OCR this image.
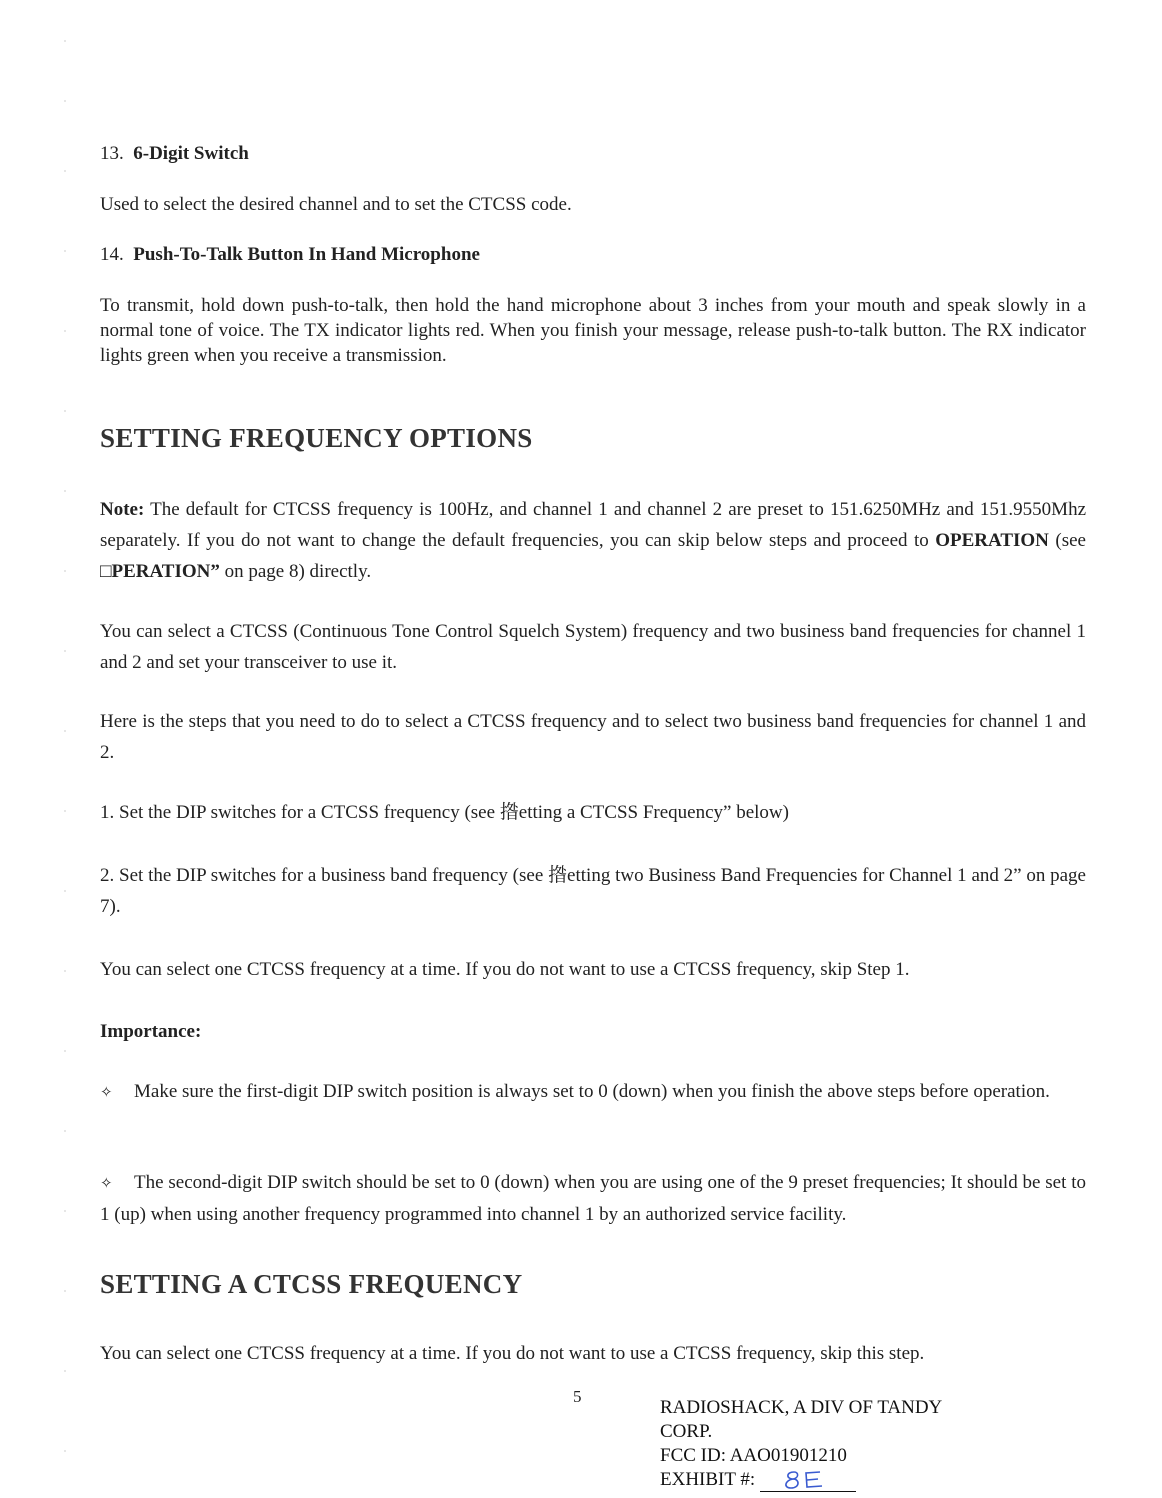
13. 6-Digit Switch

Used to select the desired channel and to set the CTCSS code.

14. Push-To-Talk Button In Hand Microphone

To transmit, hold down push-to-talk, then hold the hand microphone about 3 inches from your mouth and speak slowly in a normal tone of voice. The TX indicator lights red. When you finish your message, release push-to-talk button. The RX indicator lights green when you receive a transmission.

SETTING FREQUENCY OPTIONS

Note: The default for CTCSS frequency is 100Hz, and channel 1 and channel 2 are preset to 151.6250MHz and 151.9550Mhz separately. If you do not want to change the default frequencies, you can skip below steps and proceed to OPERATION (see □PERATION” on page 8) directly.

You can select a CTCSS (Continuous Tone Control Squelch System) frequency and two business band frequencies for channel 1 and 2 and set your transceiver to use it.

Here is the steps that you need to do to select a CTCSS frequency and to select two business band frequencies for channel 1 and 2.

1. Set the DIP switches for a CTCSS frequency (see 揝etting a CTCSS Frequency” below)

2. Set the DIP switches for a business band frequency (see 揝etting two Business Band Frequencies for Channel 1 and 2” on page 7).

You can select one CTCSS frequency at a time. If you do not want to use a CTCSS frequency, skip Step 1.

Importance:

✧ Make sure the first-digit DIP switch position is always set to 0 (down) when you finish the above steps before operation.

✧ The second-digit DIP switch should be set to 0 (down) when you are using one of the 9 preset frequencies; It should be set to 1 (up) when using another frequency programmed into channel 1 by an authorized service facility.

SETTING A CTCSS FREQUENCY

You can select one CTCSS frequency at a time. If you do not want to use a CTCSS frequency, skip this step.

5
RADIOSHACK, A DIV OF TANDY
CORP.
FCC ID: AAO01901210
EXHIBIT #:
